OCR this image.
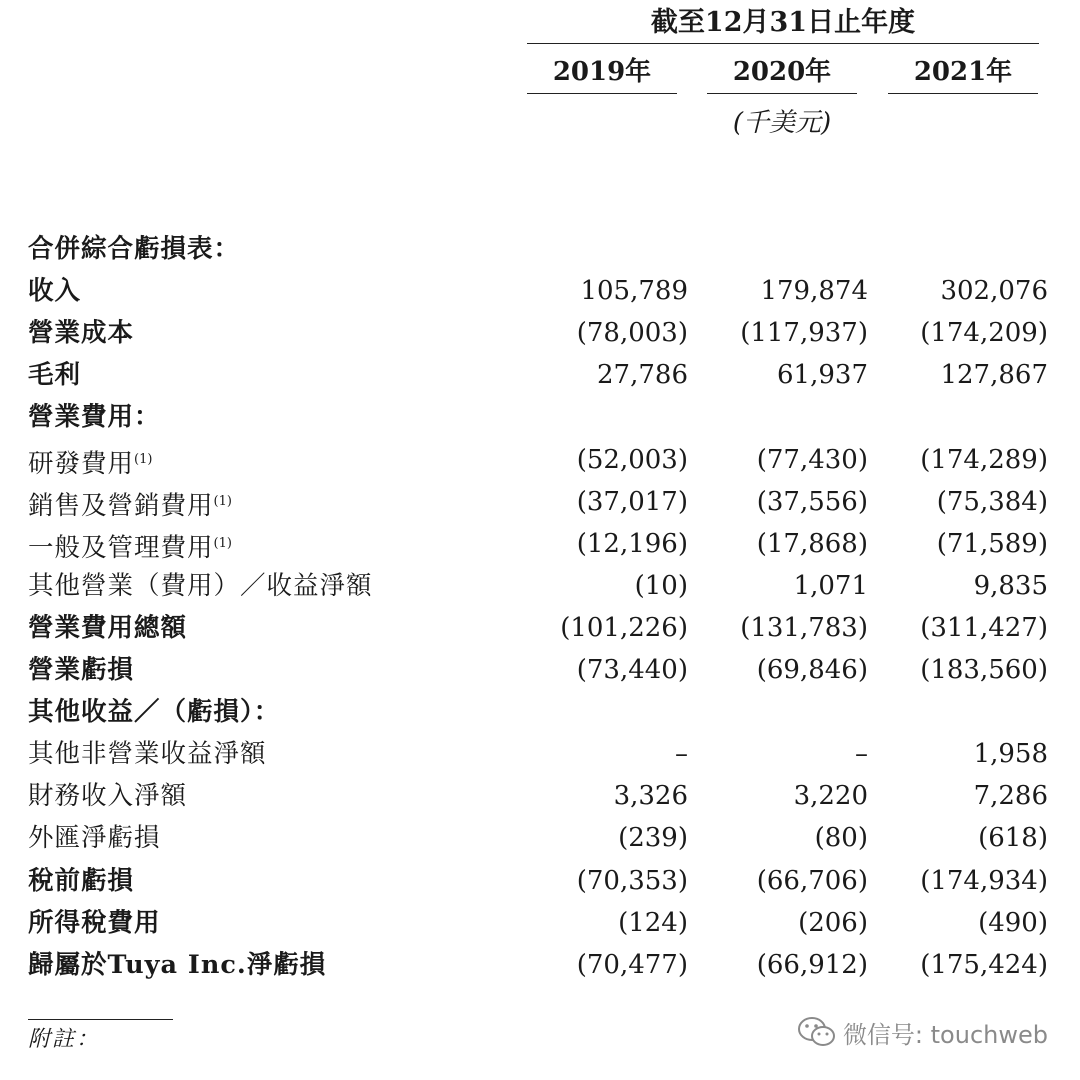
截至12月31日止年度
2019年	2020年	2021年
(千美元)
合併綜合虧損表：
收入	105,789	179,874	302,076
營業成本	(78,003)	(117,937)	(174,209)
毛利	27,786	61,937	127,867
營業費用：
研發費用$^{(1)}$	(52,003)	(77,430)	(174,289)
銷售及營銷費用$^{(1)}$	(37,017)	(37,556)	(75,384)
一般及管理費用$^{(1)}$	(12,196)	(17,868)	(71,589)
其他營業（費用）／收益淨額	(10)	1,071	9,835
營業費用總額	(101,226)	(131,783)	(311,427)
營業虧損	(73,440)	(69,846)	(183,560)
其他收益／（虧損）：
其他非營業收益淨額	–	–	1,958
財務收入淨額	3,326	3,220	7,286
外匯淨虧損	(239)	(80)	(618)
稅前虧損	(70,353)	(66,706)	(174,934)
所得稅費用	(124)	(206)	(490)
歸屬於Tuya Inc.淨虧損	(70,477)	(66,912)	(175,424)
附註：	微信号: touchweb
